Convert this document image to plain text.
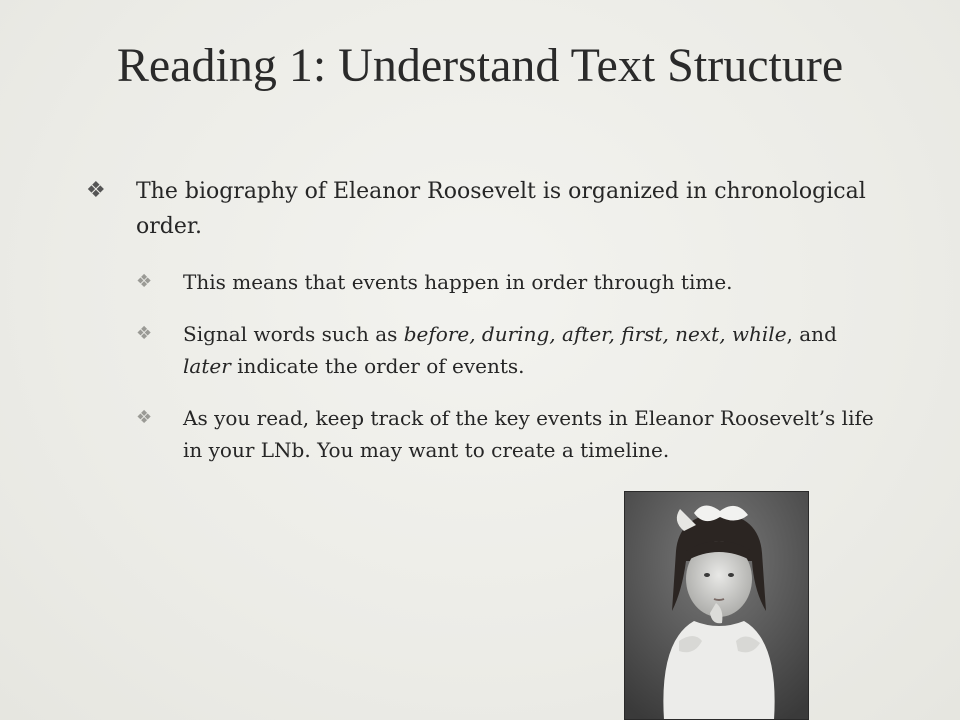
Reading 1: Understand Text Structure

❖ The biography of Eleanor Roosevelt is organized in chronological order.

❖ This means that events happen in order through time.

❖ Signal words such as before, during, after, first, next, while, and later indicate the order of events.

❖ As you read, keep track of the key events in Eleanor Roosevelt’s life in your LNb. You may want to create a timeline.
